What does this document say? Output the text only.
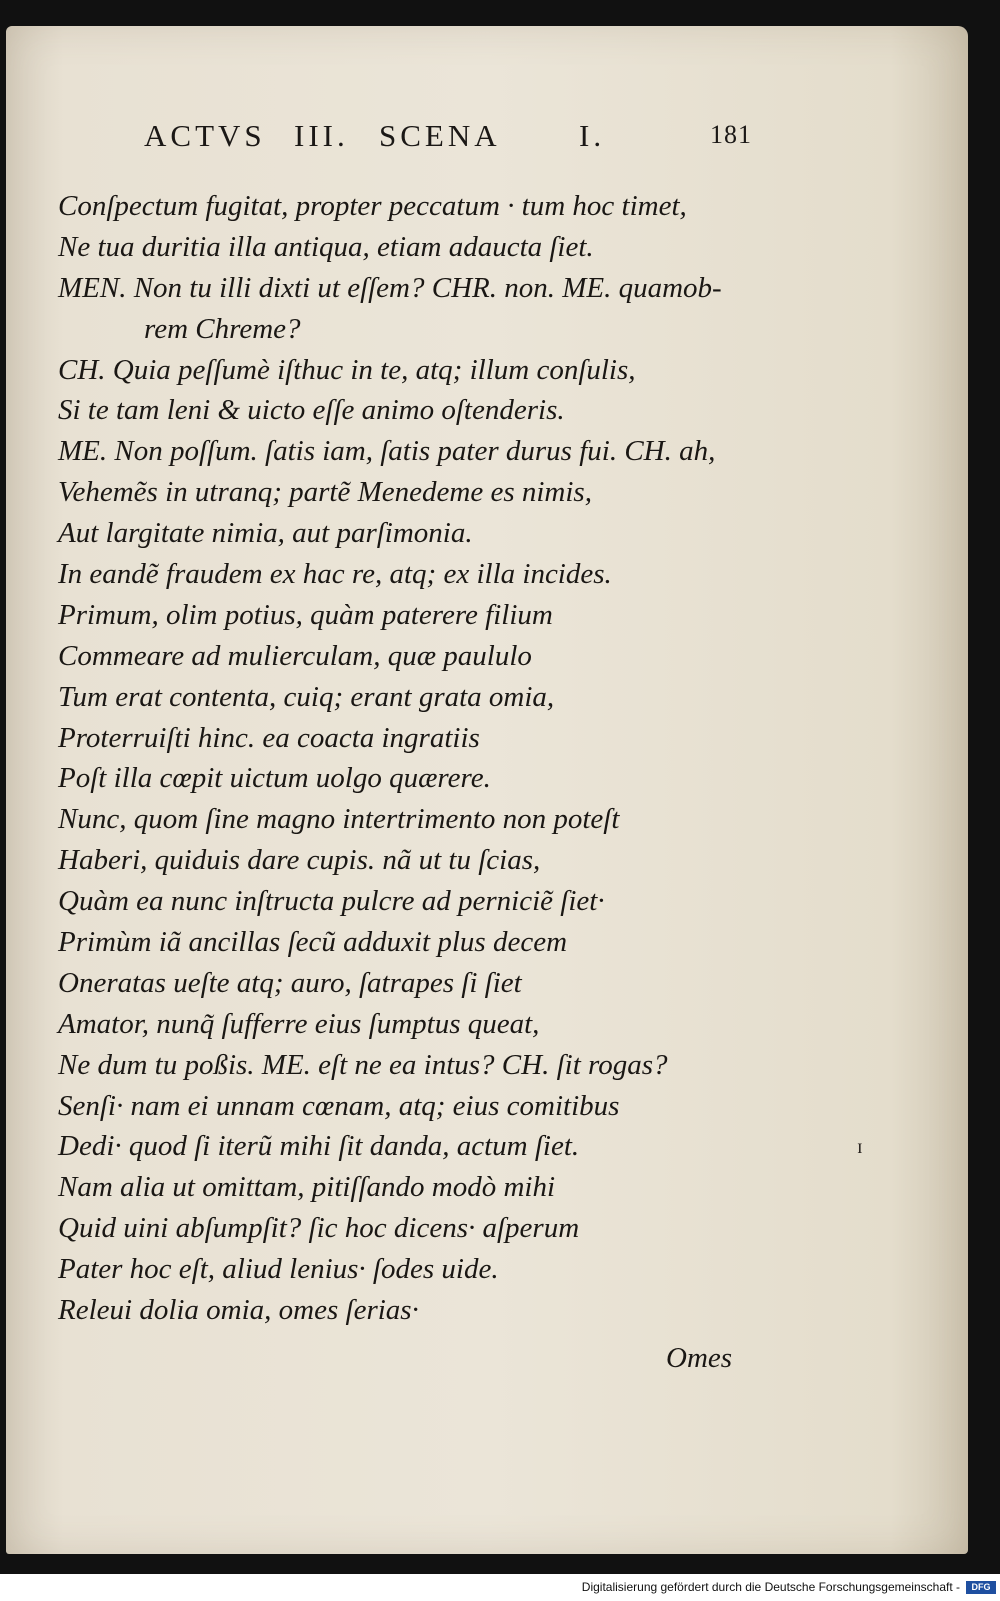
ACTVS III. SCENA	I.	181
Conſpectum fugitat, propter peccatum · tum hoc timet,
Ne tua duritia illa antiqua, etiam adaucta ſiet.
MEN. Non tu illi dixti ut eſſem? CHR. non. ME. quamob-
rem Chreme?
CH. Quia peſſumè iſthuc in te, atq; illum conſulis,
Si te tam leni & uicto eſſe animo oſtenderis.
ME. Non poſſum. ſatis iam, ſatis pater durus fui. CH. ah,
Vehemẽs in utranq; partẽ Menedeme es nimis,
Aut largitate nimia, aut parſimonia.
In eandẽ fraudem ex hac re, atq; ex illa incides.
Primum, olim potius, quàm paterere filium
Commeare ad mulierculam, quæ paululo
Tum erat contenta, cuiq; erant grata omia,
Proterruiſti hinc. ea coacta ingratiis
Poſt illa cœpit uictum uolgo quærere.
Nunc, quom ſine magno intertrimento non poteſt
Haberi, quiduis dare cupis. nã ut tu ſcias,
Quàm ea nunc inſtructa pulcre ad perniciẽ ſiet·
Primùm iã ancillas ſecũ adduxit plus decem
Oneratas ueſte atq; auro, ſatrapes ſi ſiet
Amator, nunq̃ ſufferre eius ſumptus queat,
Ne dum tu poßis. ME. eſt ne ea intus? CH. ſit rogas?
Senſi· nam ei unnam cœnam, atq; eius comitibus
Dedi· quod ſi iterũ mihi ſit danda, actum ſiet.
Nam alia ut omittam, pitiſſando modò mihi
Quid uini abſumpſit? ſic hoc dicens· aſperum
Pater hoc eſt, aliud lenius· ſodes uide.
Releui dolia omia, omes ſerias·
Omes
ɪ
Digitalisierung gefördert durch die Deutsche Forschungsgemeinschaft -	DFG
